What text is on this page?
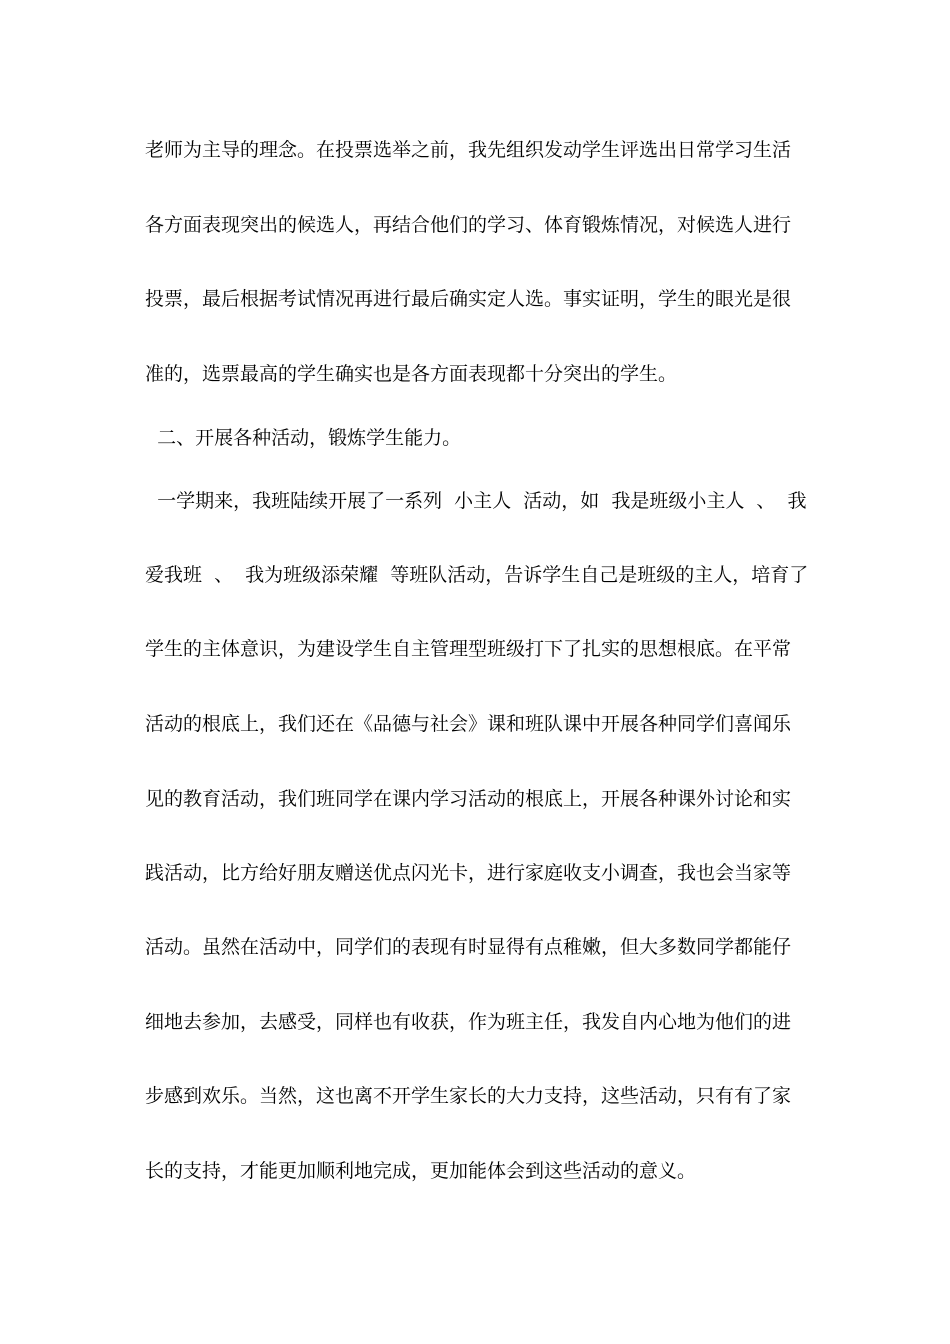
老师为主导的理念。在投票选举之前，我先组织发动学生评选出日常学习生活
各方面表现突出的候选人，再结合他们的学习、体育锻炼情况，对候选人进行
投票，最后根据考试情况再进行最后确实定人选。事实证明，学生的眼光是很
准的，选票最高的学生确实也是各方面表现都十分突出的学生。
二、开展各种活动，锻炼学生能力。
一学期来，我班陆续开展了一系列  小主人  活动，如  我是班级小主人  、  我
爱我班  、  我为班级添荣耀  等班队活动，告诉学生自己是班级的主人，培育了
学生的主体意识，为建设学生自主管理型班级打下了扎实的思想根底。在平常
活动的根底上，我们还在《品德与社会》课和班队课中开展各种同学们喜闻乐
见的教育活动，我们班同学在课内学习活动的根底上，开展各种课外讨论和实
践活动，比方给好朋友赠送优点闪光卡，进行家庭收支小调查，我也会当家等
活动。虽然在活动中，同学们的表现有时显得有点稚嫩，但大多数同学都能仔
细地去参加，去感受，同样也有收获，作为班主任，我发自内心地为他们的进
步感到欢乐。当然，这也离不开学生家长的大力支持，这些活动，只有有了家
长的支持，才能更加顺利地完成，更加能体会到这些活动的意义。
